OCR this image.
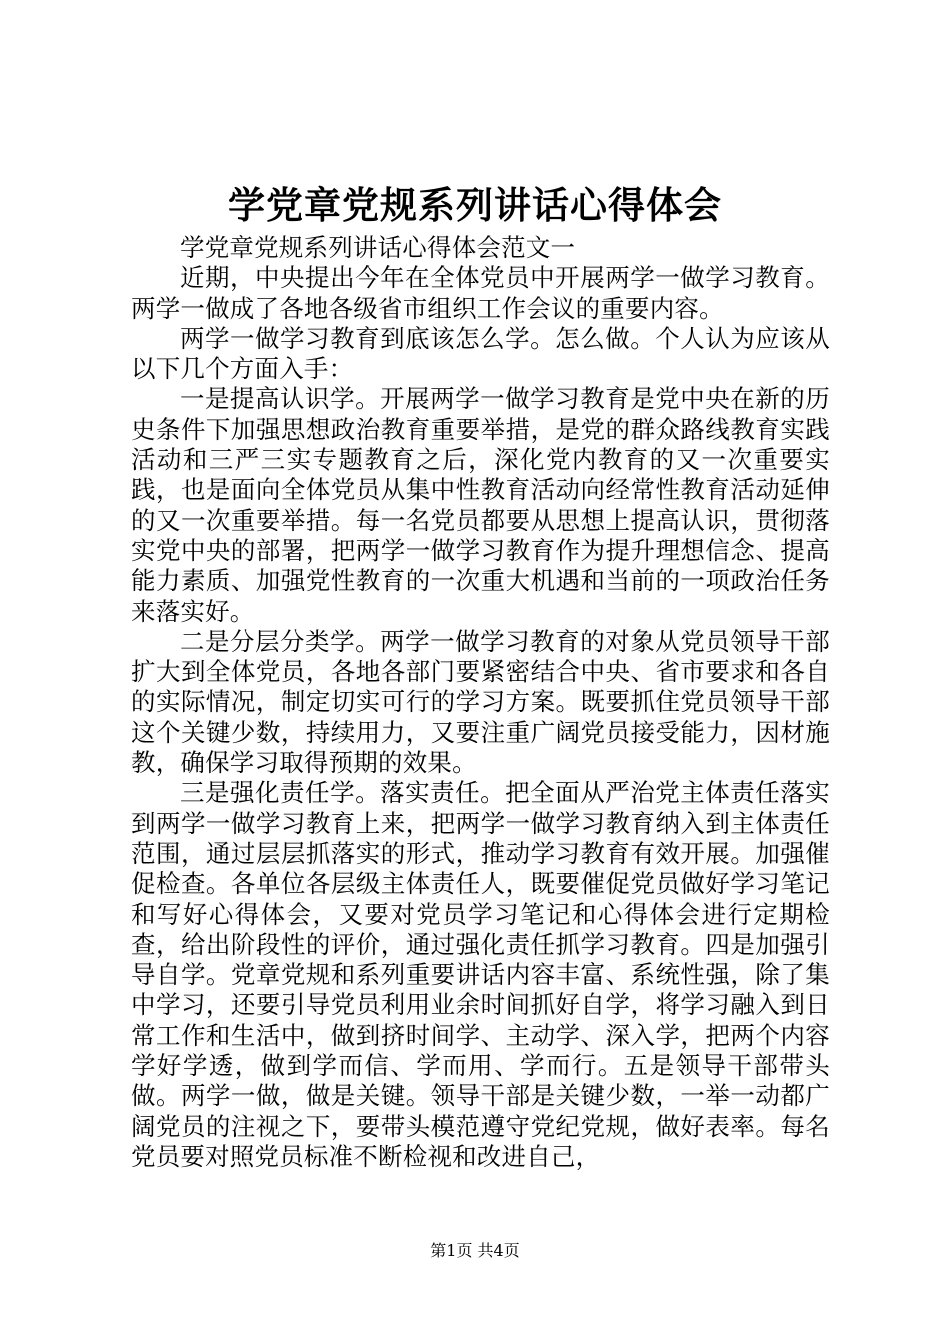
学党章党规系列讲话心得体会

学党章党规系列讲话心得体会范文一

近期，中央提出今年在全体党员中开展两学一做学习教育。两学一做成了各地各级省市组织工作会议的重要内容。

两学一做学习教育到底该怎么学。怎么做。个人认为应该从以下几个方面入手：

一是提高认识学。开展两学一做学习教育是党中央在新的历史条件下加强思想政治教育重要举措，是党的群众路线教育实践活动和三严三实专题教育之后，深化党内教育的又一次重要实践，也是面向全体党员从集中性教育活动向经常性教育活动延伸的又一次重要举措。每一名党员都要从思想上提高认识，贯彻落实党中央的部署，把两学一做学习教育作为提升理想信念、提高能力素质、加强党性教育的一次重大机遇和当前的一项政治任务来落实好。

二是分层分类学。两学一做学习教育的对象从党员领导干部扩大到全体党员，各地各部门要紧密结合中央、省市要求和各自的实际情况，制定切实可行的学习方案。既要抓住党员领导干部这个关键少数，持续用力，又要注重广阔党员接受能力，因材施教，确保学习取得预期的效果。

三是强化责任学。落实责任。把全面从严治党主体责任落实到两学一做学习教育上来，把两学一做学习教育纳入到主体责任范围，通过层层抓落实的形式，推动学习教育有效开展。加强催促检查。各单位各层级主体责任人，既要催促党员做好学习笔记和写好心得体会，又要对党员学习笔记和心得体会进行定期检查，给出阶段性的评价，通过强化责任抓学习教育。四是加强引导自学。党章党规和系列重要讲话内容丰富、系统性强，除了集中学习，还要引导党员利用业余时间抓好自学，将学习融入到日常工作和生活中，做到挤时间学、主动学、深入学，把两个内容学好学透，做到学而信、学而用、学而行。五是领导干部带头做。两学一做，做是关键。领导干部是关键少数，一举一动都广阔党员的注视之下，要带头模范遵守党纪党规，做好表率。每名党员要对照党员标准不断检视和改进自己，

第1页 共4页
